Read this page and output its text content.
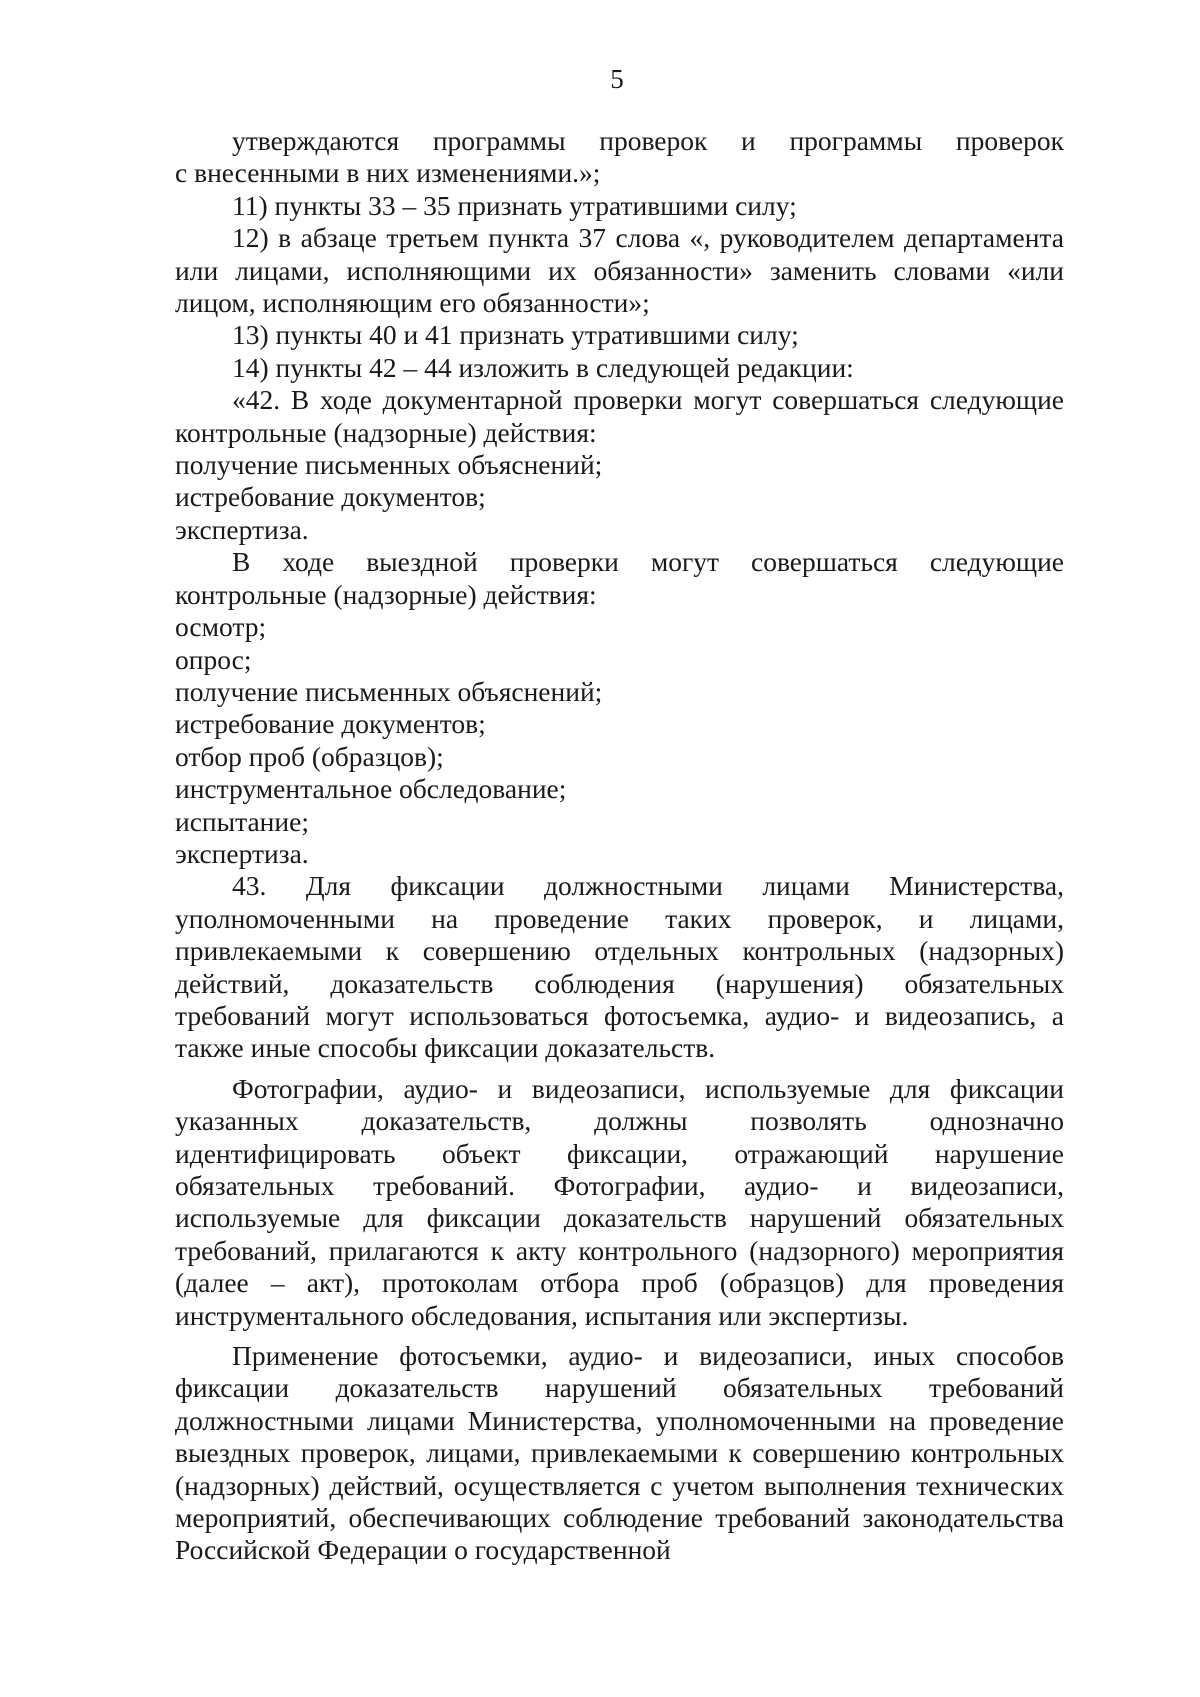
5

утверждаются программы проверок и программы проверок

с внесенными в них изменениями.»;

11) пункты 33 – 35 признать утратившими силу;

12) в абзаце третьем пункта 37 слова «, руководителем департамента или лицами, исполняющими их обязанности» заменить словами «или лицом, исполняющим его обязанности»;

13) пункты 40 и 41 признать утратившими силу;

14) пункты 42 – 44 изложить в следующей редакции:

«42. В ходе документарной проверки могут совершаться следующие контрольные (надзорные) действия:

получение письменных объяснений;

истребование документов;

экспертиза.

В ходе выездной проверки могут совершаться следующие контрольные (надзорные) действия:

осмотр;

опрос;

получение письменных объяснений;

истребование документов;

отбор проб (образцов);

инструментальное обследование;

испытание;

экспертиза.

43. Для фиксации должностными лицами Министерства, уполномоченными на проведение таких проверок, и лицами, привлекаемыми к совершению отдельных контрольных (надзорных) действий, доказательств соблюдения (нарушения) обязательных требований могут использоваться фотосъемка, аудио- и видеозапись, а также иные способы фиксации доказательств.

Фотографии, аудио- и видеозаписи, используемые для фиксации указанных доказательств, должны позволять однозначно идентифицировать объект фиксации, отражающий нарушение обязательных требований. Фотографии, аудио- и видеозаписи, используемые для фиксации доказательств нарушений обязательных требований, прилагаются к акту контрольного (надзорного) мероприятия (далее – акт), протоколам отбора проб (образцов) для проведения инструментального обследования, испытания или экспертизы.

Применение фотосъемки, аудио- и видеозаписи, иных способов фиксации доказательств нарушений обязательных требований должностными лицами Министерства, уполномоченными на проведение выездных проверок, лицами, привлекаемыми к совершению контрольных (надзорных) действий, осуществляется с учетом выполнения технических мероприятий, обеспечивающих соблюдение требований законодательства Российской Федерации о государственной
